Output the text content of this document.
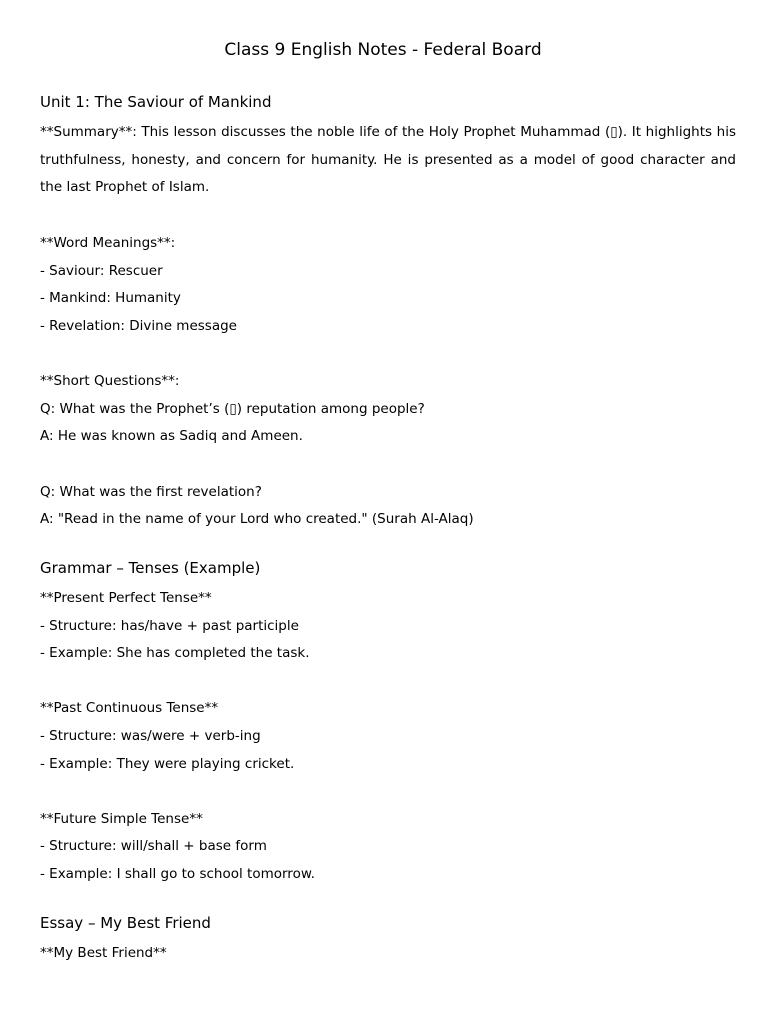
Class 9 English Notes - Federal Board
Unit 1: The Saviour of Mankind
**Summary**: This lesson discusses the noble life of the Holy Prophet Muhammad (▯). It highlights his truthfulness, honesty, and concern for humanity. He is presented as a model of good character and the last Prophet of Islam.
**Word Meanings**:
- Saviour: Rescuer
- Mankind: Humanity
- Revelation: Divine message
**Short Questions**:
Q: What was the Prophet’s (▯) reputation among people?
A: He was known as Sadiq and Ameen.
Q: What was the first revelation?
A: "Read in the name of your Lord who created." (Surah Al-Alaq)
Grammar – Tenses (Example)
**Present Perfect Tense**
- Structure: has/have + past participle
- Example: She has completed the task.
**Past Continuous Tense**
- Structure: was/were + verb-ing
- Example: They were playing cricket.
**Future Simple Tense**
- Structure: will/shall + base form
- Example: I shall go to school tomorrow.
Essay – My Best Friend
**My Best Friend**
